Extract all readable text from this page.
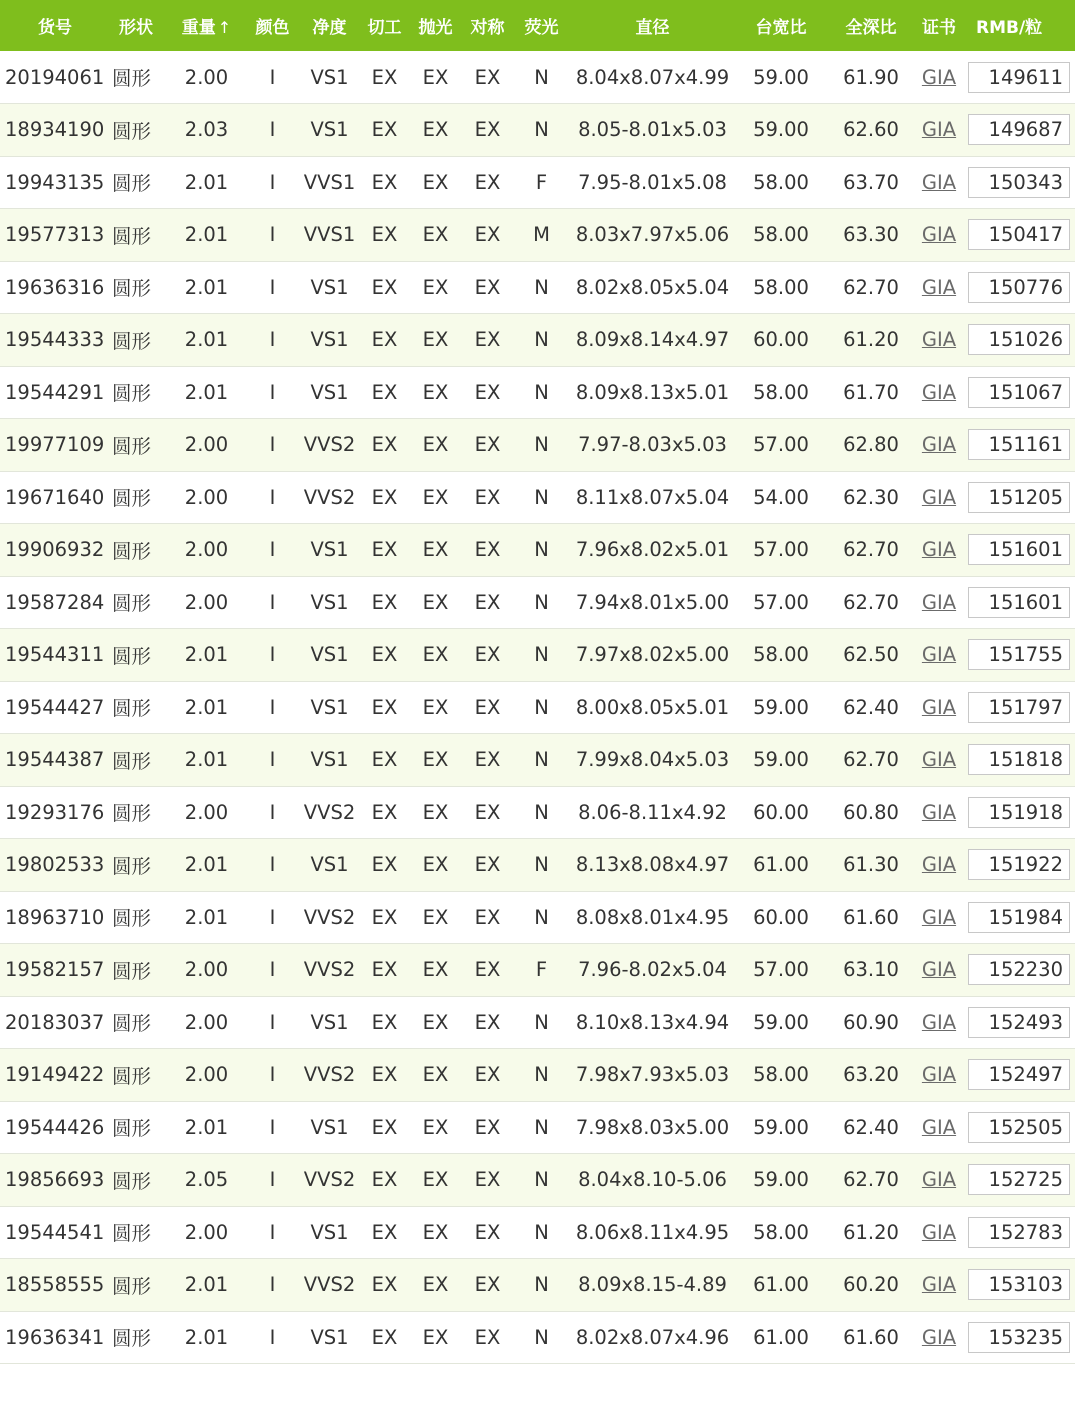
货号	形状	重量 ↑	颜色	净度	切工	抛光	对称	荧光	直径	台宽比	全深比	证书	RMB/粒
20194061	圆形	2.00	I	VS1	EX	EX	EX	N	8.04x8.07x4.99	59.00	61.90	GIA	149611

18934190	圆形	2.03	I	VS1	EX	EX	EX	N	8.05-8.01x5.03	59.00	62.60	GIA	149687

19943135	圆形	2.01	I	VVS1	EX	EX	EX	F	7.95-8.01x5.08	58.00	63.70	GIA	150343

19577313	圆形	2.01	I	VVS1	EX	EX	EX	M	8.03x7.97x5.06	58.00	63.30	GIA	150417

19636316	圆形	2.01	I	VS1	EX	EX	EX	N	8.02x8.05x5.04	58.00	62.70	GIA	150776

19544333	圆形	2.01	I	VS1	EX	EX	EX	N	8.09x8.14x4.97	60.00	61.20	GIA	151026

19544291	圆形	2.01	I	VS1	EX	EX	EX	N	8.09x8.13x5.01	58.00	61.70	GIA	151067

19977109	圆形	2.00	I	VVS2	EX	EX	EX	N	7.97-8.03x5.03	57.00	62.80	GIA	151161

19671640	圆形	2.00	I	VVS2	EX	EX	EX	N	8.11x8.07x5.04	54.00	62.30	GIA	151205

19906932	圆形	2.00	I	VS1	EX	EX	EX	N	7.96x8.02x5.01	57.00	62.70	GIA	151601

19587284	圆形	2.00	I	VS1	EX	EX	EX	N	7.94x8.01x5.00	57.00	62.70	GIA	151601

19544311	圆形	2.01	I	VS1	EX	EX	EX	N	7.97x8.02x5.00	58.00	62.50	GIA	151755

19544427	圆形	2.01	I	VS1	EX	EX	EX	N	8.00x8.05x5.01	59.00	62.40	GIA	151797

19544387	圆形	2.01	I	VS1	EX	EX	EX	N	7.99x8.04x5.03	59.00	62.70	GIA	151818

19293176	圆形	2.00	I	VVS2	EX	EX	EX	N	8.06-8.11x4.92	60.00	60.80	GIA	151918

19802533	圆形	2.01	I	VS1	EX	EX	EX	N	8.13x8.08x4.97	61.00	61.30	GIA	151922

18963710	圆形	2.01	I	VVS2	EX	EX	EX	N	8.08x8.01x4.95	60.00	61.60	GIA	151984

19582157	圆形	2.00	I	VVS2	EX	EX	EX	F	7.96-8.02x5.04	57.00	63.10	GIA	152230

20183037	圆形	2.00	I	VS1	EX	EX	EX	N	8.10x8.13x4.94	59.00	60.90	GIA	152493

19149422	圆形	2.00	I	VVS2	EX	EX	EX	N	7.98x7.93x5.03	58.00	63.20	GIA	152497

19544426	圆形	2.01	I	VS1	EX	EX	EX	N	7.98x8.03x5.00	59.00	62.40	GIA	152505

19856693	圆形	2.05	I	VVS2	EX	EX	EX	N	8.04x8.10-5.06	59.00	62.70	GIA	152725

19544541	圆形	2.00	I	VS1	EX	EX	EX	N	8.06x8.11x4.95	58.00	61.20	GIA	152783

18558555	圆形	2.01	I	VVS2	EX	EX	EX	N	8.09x8.15-4.89	61.00	60.20	GIA	153103

19636341	圆形	2.01	I	VS1	EX	EX	EX	N	8.02x8.07x4.96	61.00	61.60	GIA	153235
